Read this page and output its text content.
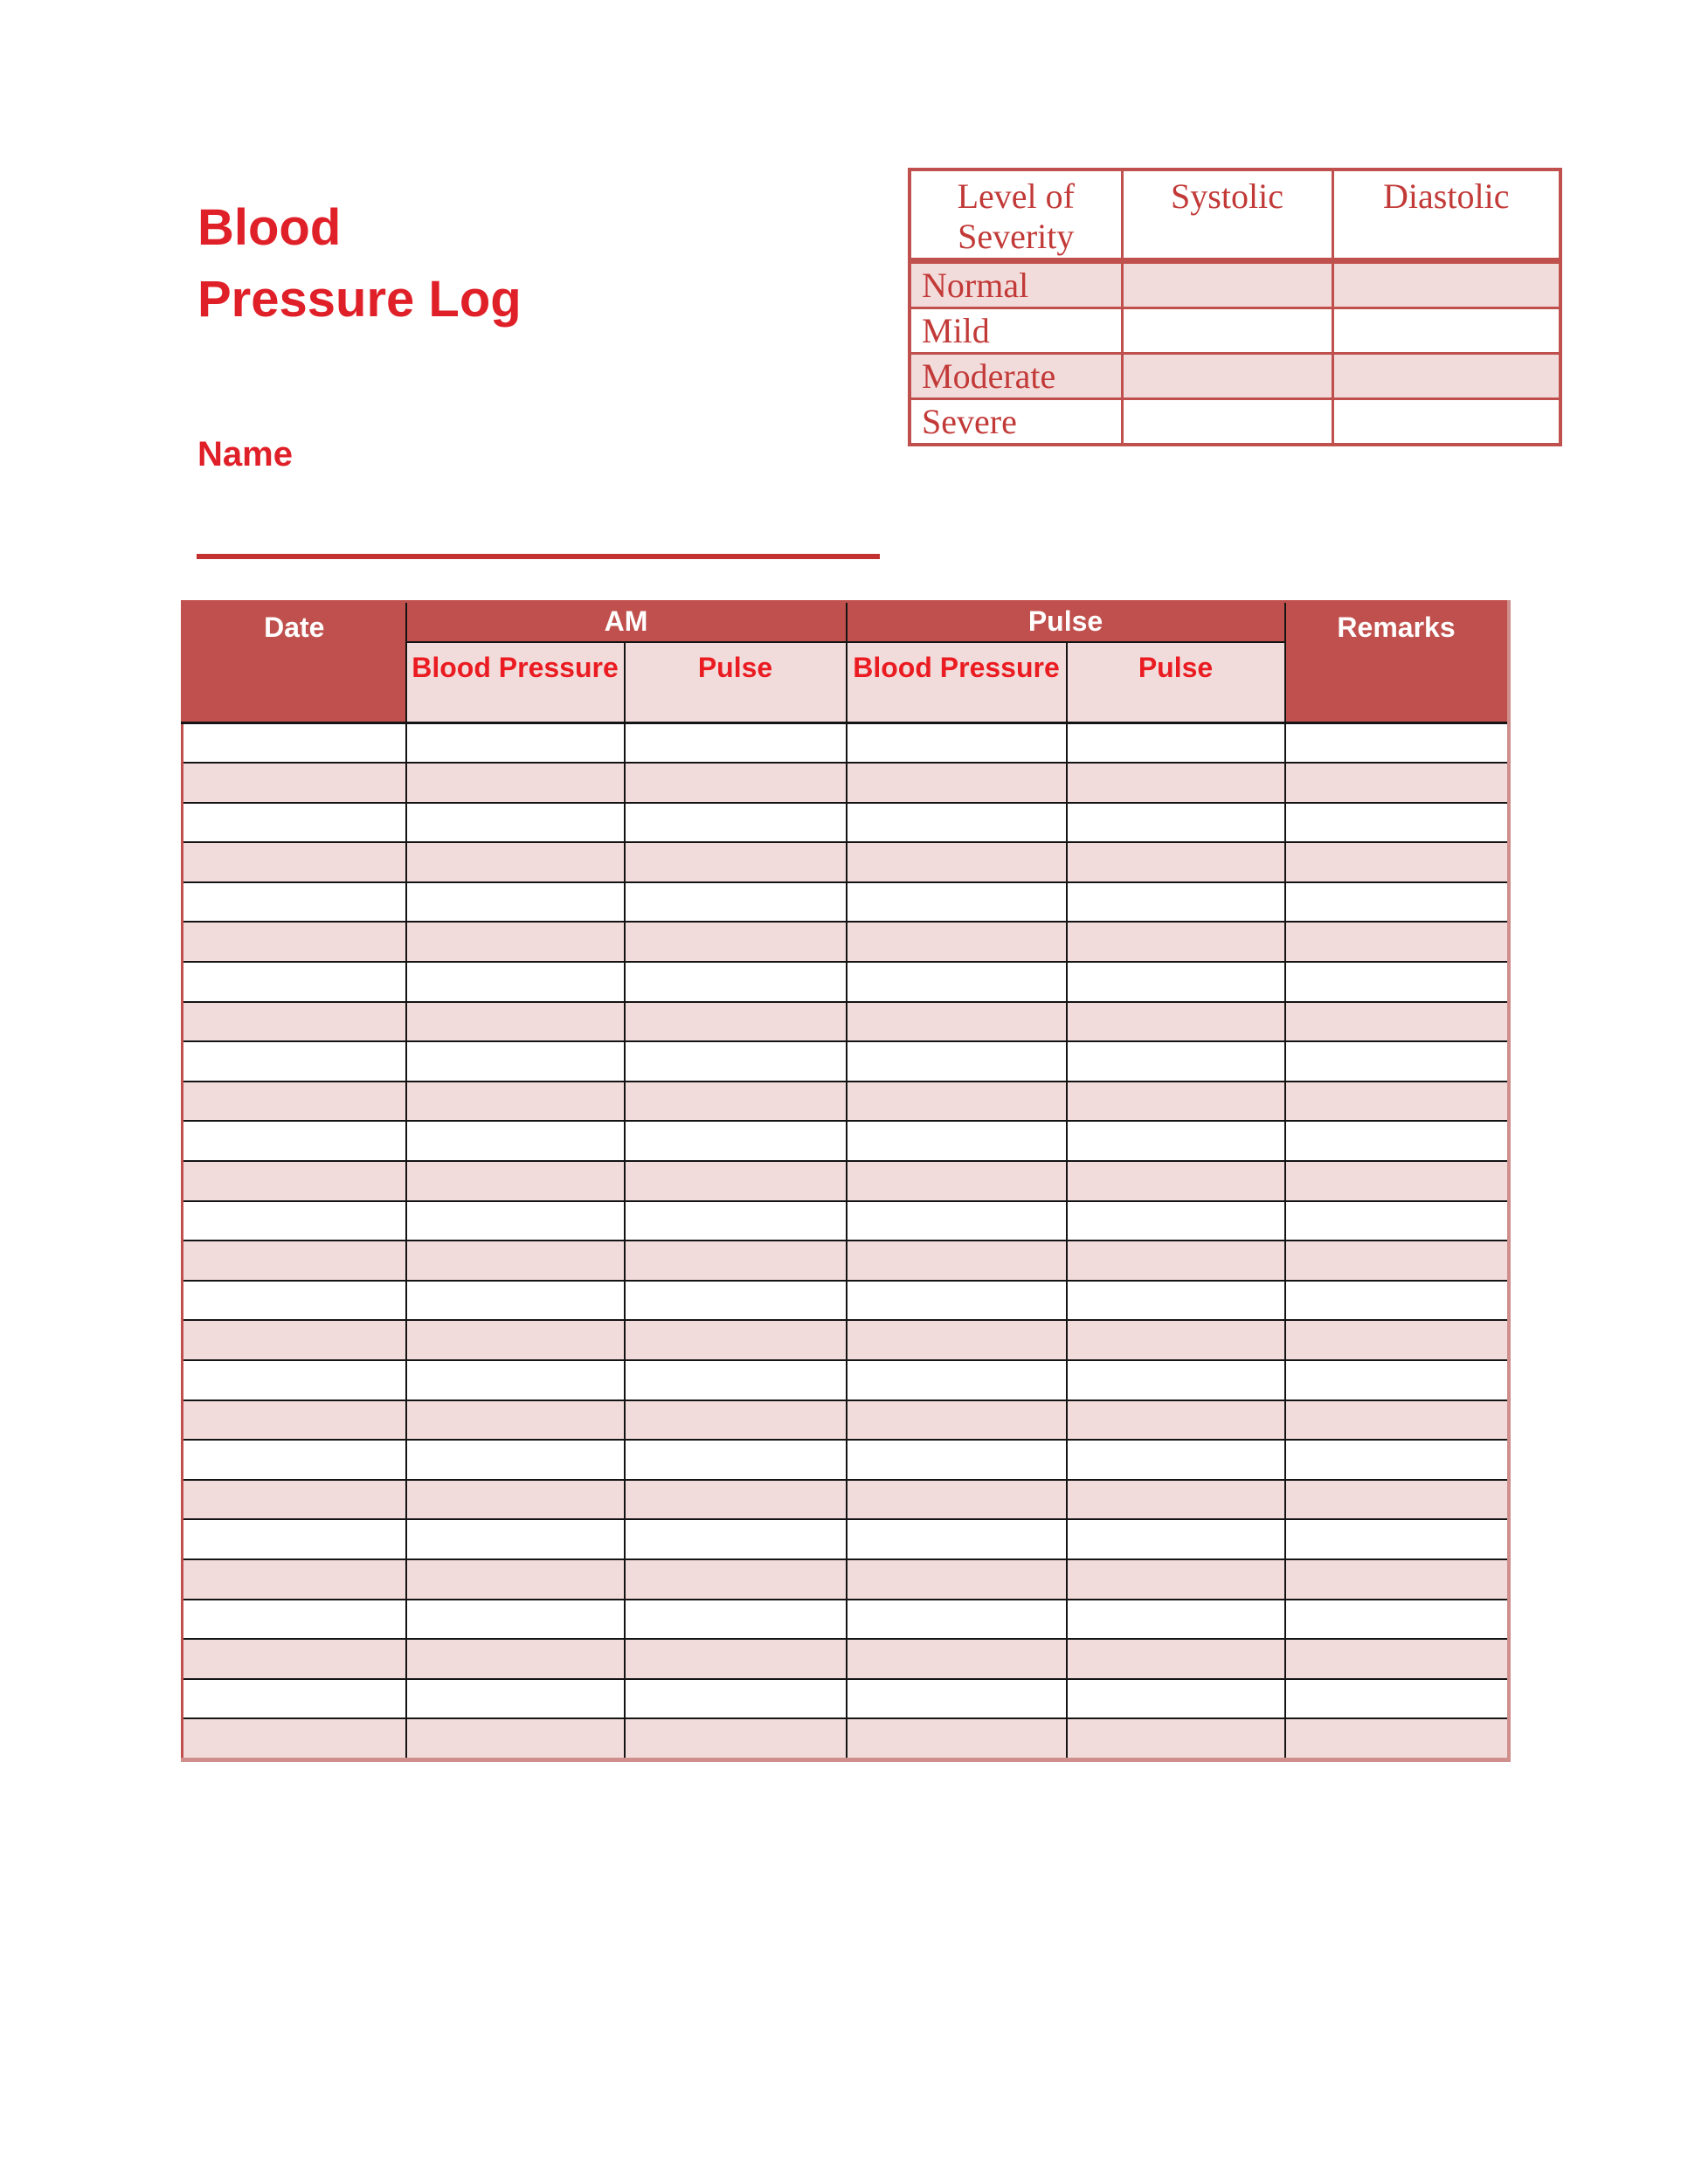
Blood
Pressure Log
Name
Level of Severity	Systolic	Diastolic
Normal		
Mild		
Moderate		
Severe		
Date	AM		Pulse		Remarks
	Blood Pressure	Pulse	Blood Pressure	Pulse	
